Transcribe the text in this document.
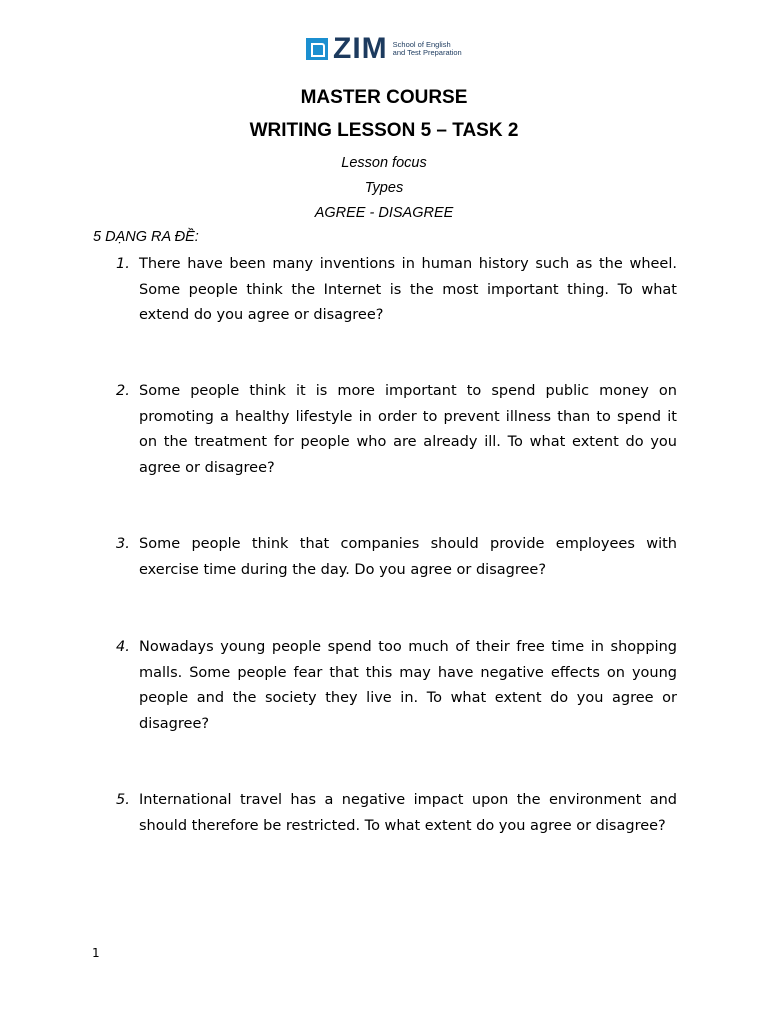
ZIM School of English and Test Preparation
MASTER COURSE
WRITING LESSON 5 – TASK 2
Lesson focus
Types
AGREE - DISAGREE
5 DẠNG RA ĐỀ:
1. There have been many inventions in human history such as the wheel. Some people think the Internet is the most important thing. To what extend do you agree or disagree?
2. Some people think it is more important to spend public money on promoting a healthy lifestyle in order to prevent illness than to spend it on the treatment for people who are already ill. To what extent do you agree or disagree?
3. Some people think that companies should provide employees with exercise time during the day. Do you agree or disagree?
4. Nowadays young people spend too much of their free time in shopping malls. Some people fear that this may have negative effects on young people and the society they live in. To what extent do you agree or disagree?
5. International travel has a negative impact upon the environment and should therefore be restricted. To what extent do you agree or disagree?
1
